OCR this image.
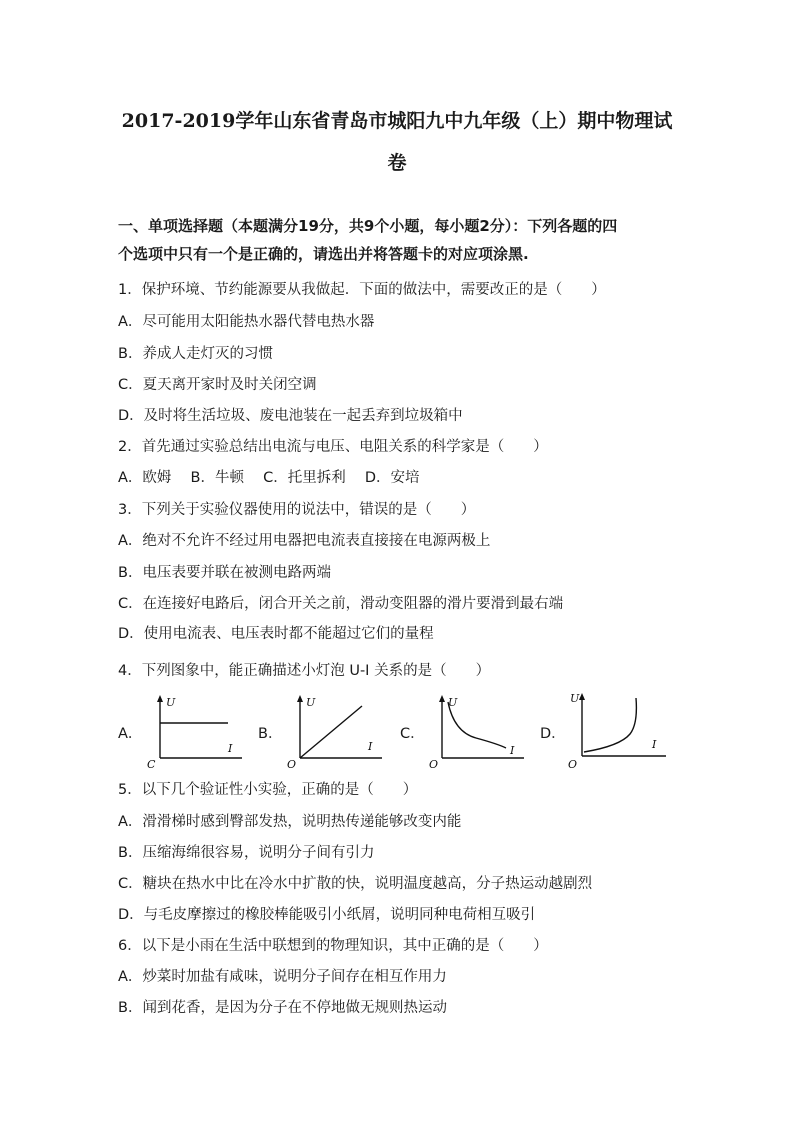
2017-2019学年山东省青岛市城阳九中九年级（上）期中物理试
卷
一、单项选择题（本题满分19分，共9个小题，每小题2分）：下列各题的四
个选项中只有一个是正确的，请选出并将答题卡的对应项涂黑.
1．保护环境、节约能源要从我做起．下面的做法中，需要改正的是（　　）
A．尽可能用太阳能热水器代替电热水器
B．养成人走灯灭的习惯
C．夏天离开家时及时关闭空调
D．及时将生活垃圾、废电池装在一起丢弃到垃圾箱中
2．首先通过实验总结出电流与电压、电阻关系的科学家是（　　）
A．欧姆　 B．牛顿　 C．托里拆利　 D．安培
3．下列关于实验仪器使用的说法中，错误的是（　　）
A．绝对不允许不经过用电器把电流表直接接在电源两极上
B．电压表要并联在被测电路两端
C．在连接好电路后，闭合开关之前，滑动变阻器的滑片要滑到最右端
D．使用电流表、电压表时都不能超过它们的量程
4．下列图象中，能正确描述小灯泡 U-I 关系的是（　　）
A．
U
I
C
B．
U
I
O
C．
U
I
O
D．
U
I
O
5．以下几个验证性小实验，正确的是（　　）
A．滑滑梯时感到臀部发热，说明热传递能够改变内能
B．压缩海绵很容易，说明分子间有引力
C．糖块在热水中比在冷水中扩散的快，说明温度越高，分子热运动越剧烈
D．与毛皮摩擦过的橡胶棒能吸引小纸屑，说明同种电荷相互吸引
6．以下是小雨在生活中联想到的物理知识，其中正确的是（　　）
A．炒菜时加盐有咸味，说明分子间存在相互作用力
B．闻到花香，是因为分子在不停地做无规则热运动
